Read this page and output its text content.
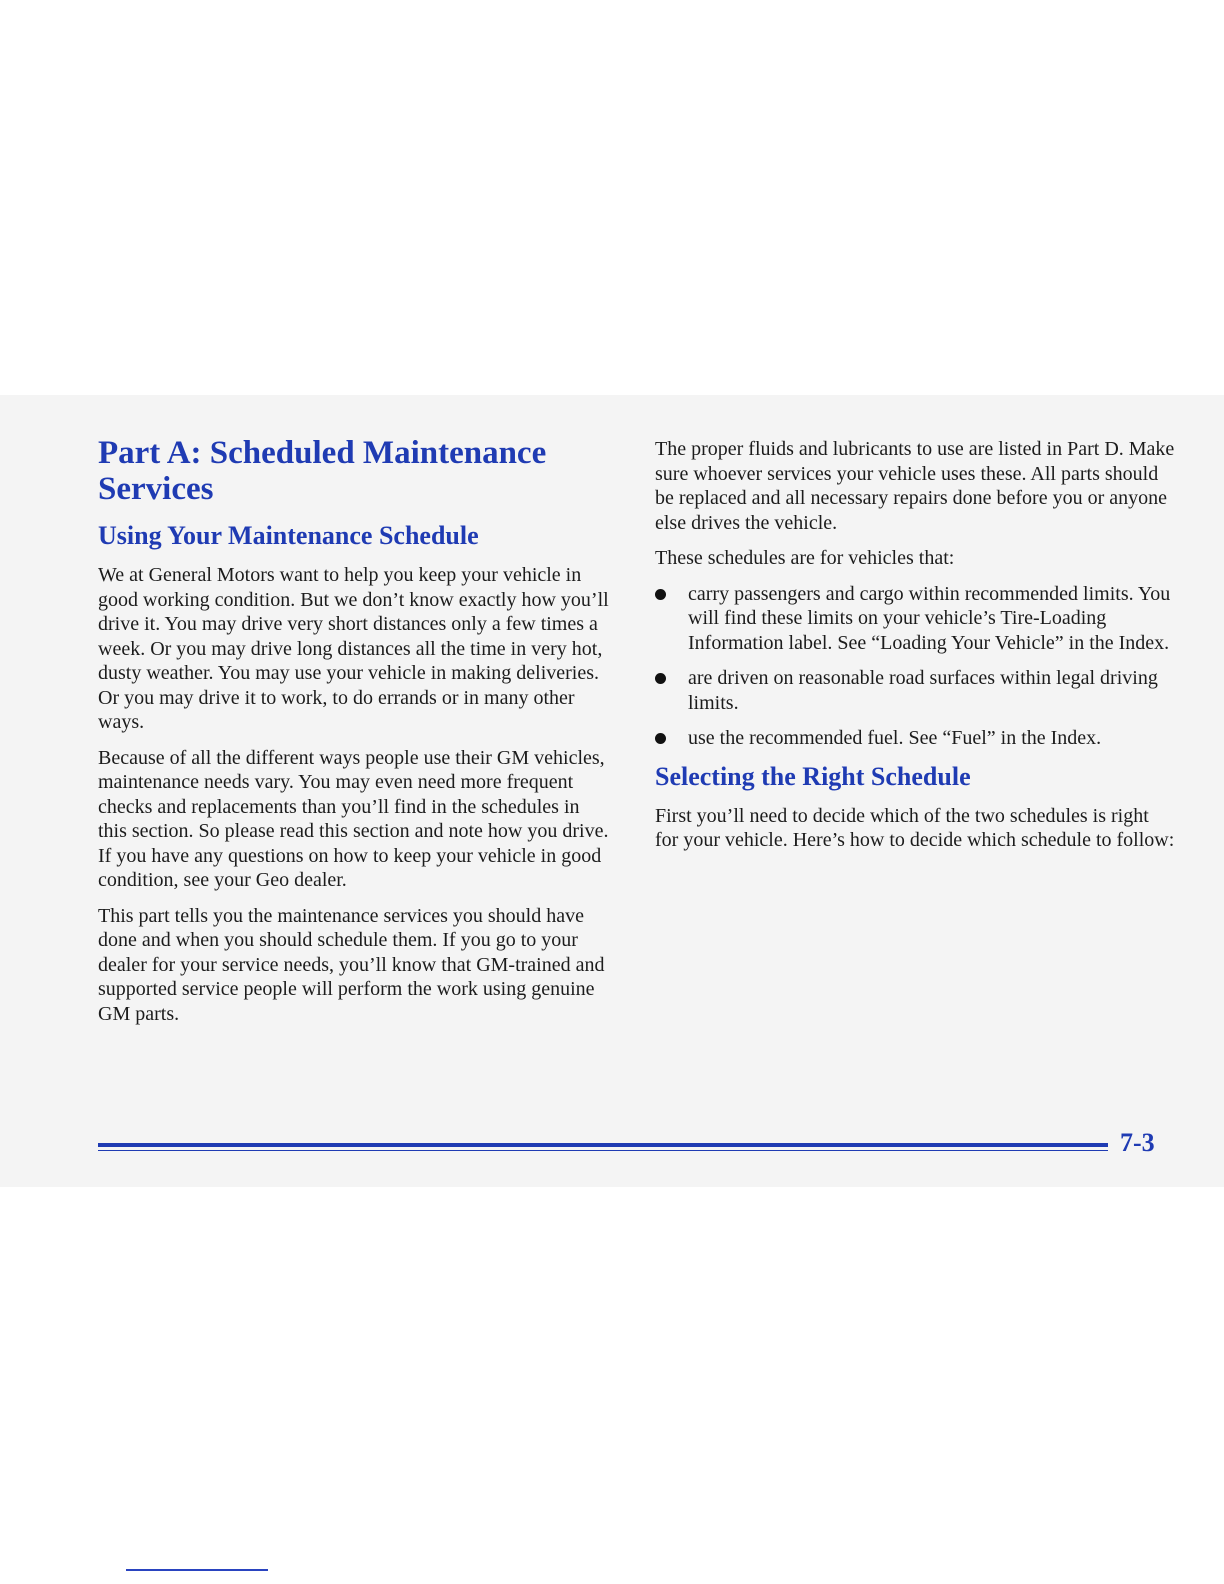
Part A: Scheduled Maintenance
Services
Using Your Maintenance Schedule

We at General Motors want to help you keep your vehicle in good working condition. But we don’t know exactly how you’ll drive it. You may drive very short distances only a few times a week. Or you may drive long distances all the time in very hot, dusty weather. You may use your vehicle in making deliveries. Or you may drive it to work, to do errands or in many other ways.

Because of all the different ways people use their GM vehicles, maintenance needs vary. You may even need more frequent checks and replacements than you’ll find in the schedules in this section. So please read this section and note how you drive. If you have any questions on how to keep your vehicle in good condition, see your Geo dealer.

This part tells you the maintenance services you should have done and when you should schedule them. If you go to your dealer for your service needs, you’ll know that GM-trained and supported service people will perform the work using genuine GM parts.

The proper fluids and lubricants to use are listed in Part D. Make sure whoever services your vehicle uses these. All parts should be replaced and all necessary repairs done before you or anyone else drives the vehicle.

These schedules are for vehicles that:

carry passengers and cargo within recommended limits. You will find these limits on your vehicle’s Tire-Loading Information label. See “Loading Your Vehicle” in the Index.
are driven on reasonable road surfaces within legal driving limits.
use the recommended fuel. See “Fuel” in the Index.
Selecting the Right Schedule

First you’ll need to decide which of the two schedules is right for your vehicle. Here’s how to decide which schedule to follow:

7-3
